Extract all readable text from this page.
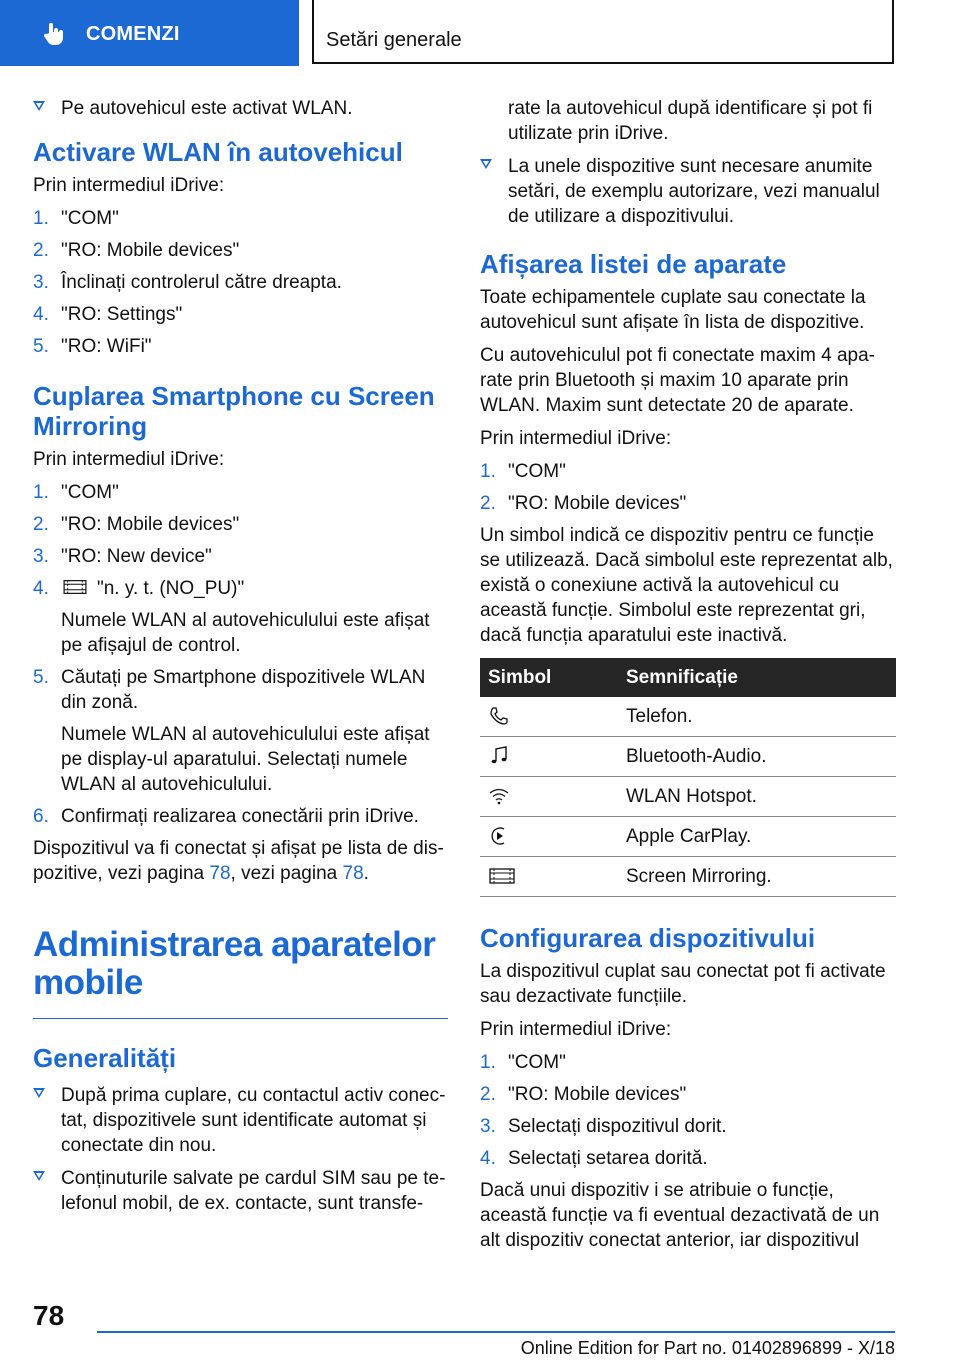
COMENZI	Setări generale
Pe autovehicul este activat WLAN.
Activare WLAN în autovehicul

Prin intermediul iDrive:

1. "COM"
2. "RO: Mobile devices"
3. Înclinați controlerul către dreapta.
4. "RO: Settings"
5. "RO: WiFi"
Cuplarea Smartphone cu Screen Mirroring

Prin intermediul iDrive:

1. "COM"
2. "RO: Mobile devices"
3. "RO: New device"
4.	"n. y. t. (NO_PU)"
Numele WLAN al autovehiculului este afișat pe afișajul de control.
5. Căutați pe Smartphone dispozitivele WLAN din zonă.
Numele WLAN al autovehiculului este afișat pe display-ul aparatului. Selectați numele WLAN al autovehiculului.
6. Confirmați realizarea conectării prin iDrive.

Dispozitivul va fi conectat și afișat pe lista de dispozitive, vezi pagina 78, vezi pagina 78.

Administrarea aparatelor mobile
Generalități
După prima cuplare, cu contactul activ conectat, dispozitivele sunt identificate automat și conectate din nou.
Conținuturile salvate pe cardul SIM sau pe telefonul mobil, de ex. contacte, sunt transfe-

rate la autovehicul după identificare și pot fi utilizate prin iDrive.

La unele dispozitive sunt necesare anumite setări, de exemplu autorizare, vezi manualul de utilizare a dispozitivului.
Afișarea listei de aparate

Toate echipamentele cuplate sau conectate la autovehicul sunt afișate în lista de dispozitive.

Cu autovehiculul pot fi conectate maxim 4 aparate prin Bluetooth și maxim 10 aparate prin WLAN. Maxim sunt detectate 20 de aparate.

Prin intermediul iDrive:

1. "COM"
2. "RO: Mobile devices"

Un simbol indică ce dispozitiv pentru ce funcție se utilizează. Dacă simbolul este reprezentat alb, există o conexiune activă la autovehicul cu această funcție. Simbolul este reprezentat gri, dacă funcția aparatului este inactivă.

Simbol	Semnificație
	Telefon.
	Bluetooth-Audio.
	WLAN Hotspot.
	Apple CarPlay.
	Screen Mirroring.
Configurarea dispozitivului

La dispozitivul cuplat sau conectat pot fi activate sau dezactivate funcțiile.

Prin intermediul iDrive:

1. "COM"
2. "RO: Mobile devices"
3. Selectați dispozitivul dorit.
4. Selectați setarea dorită.

Dacă unui dispozitiv i se atribuie o funcție, această funcție va fi eventual dezactivată de un alt dispozitiv conectat anterior, iar dispozitivul

78
Online Edition for Part no. 01402896899 - X/18
